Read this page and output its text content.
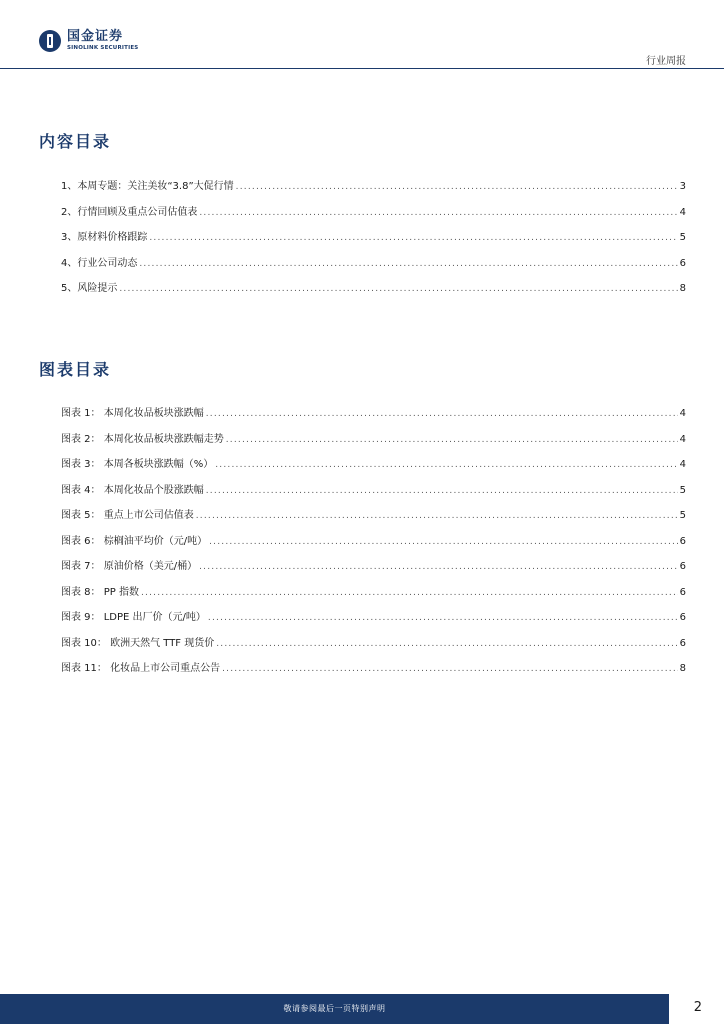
国金证券
SINOLINK SECURITIES
行业周报
内容目录
1、本周专题：关注美妆“3.8”大促行情 .....	3
2、行情回顾及重点公司估值表 .....	4
3、原材料价格跟踪 .....	5
4、行业公司动态 .....	6
5、风险提示 .....	8
图表目录
图表 1： 本周化妆品板块涨跌幅 .....	4
图表 2： 本周化妆品板块涨跌幅走势 .....	4
图表 3： 本周各板块涨跌幅（%） .....	4
图表 4： 本周化妆品个股涨跌幅 .....	5
图表 5： 重点上市公司估值表 .....	5
图表 6： 棕榈油平均价（元/吨） .....	6
图表 7： 原油价格（美元/桶） .....	6
图表 8： PP 指数 .....	6
图表 9： LDPE 出厂价（元/吨） .....	6
图表 10： 欧洲天然气 TTF 现货价 .....	6
图表 11： 化妆品上市公司重点公告 .....	8
敬请参阅最后一页特别声明	2
